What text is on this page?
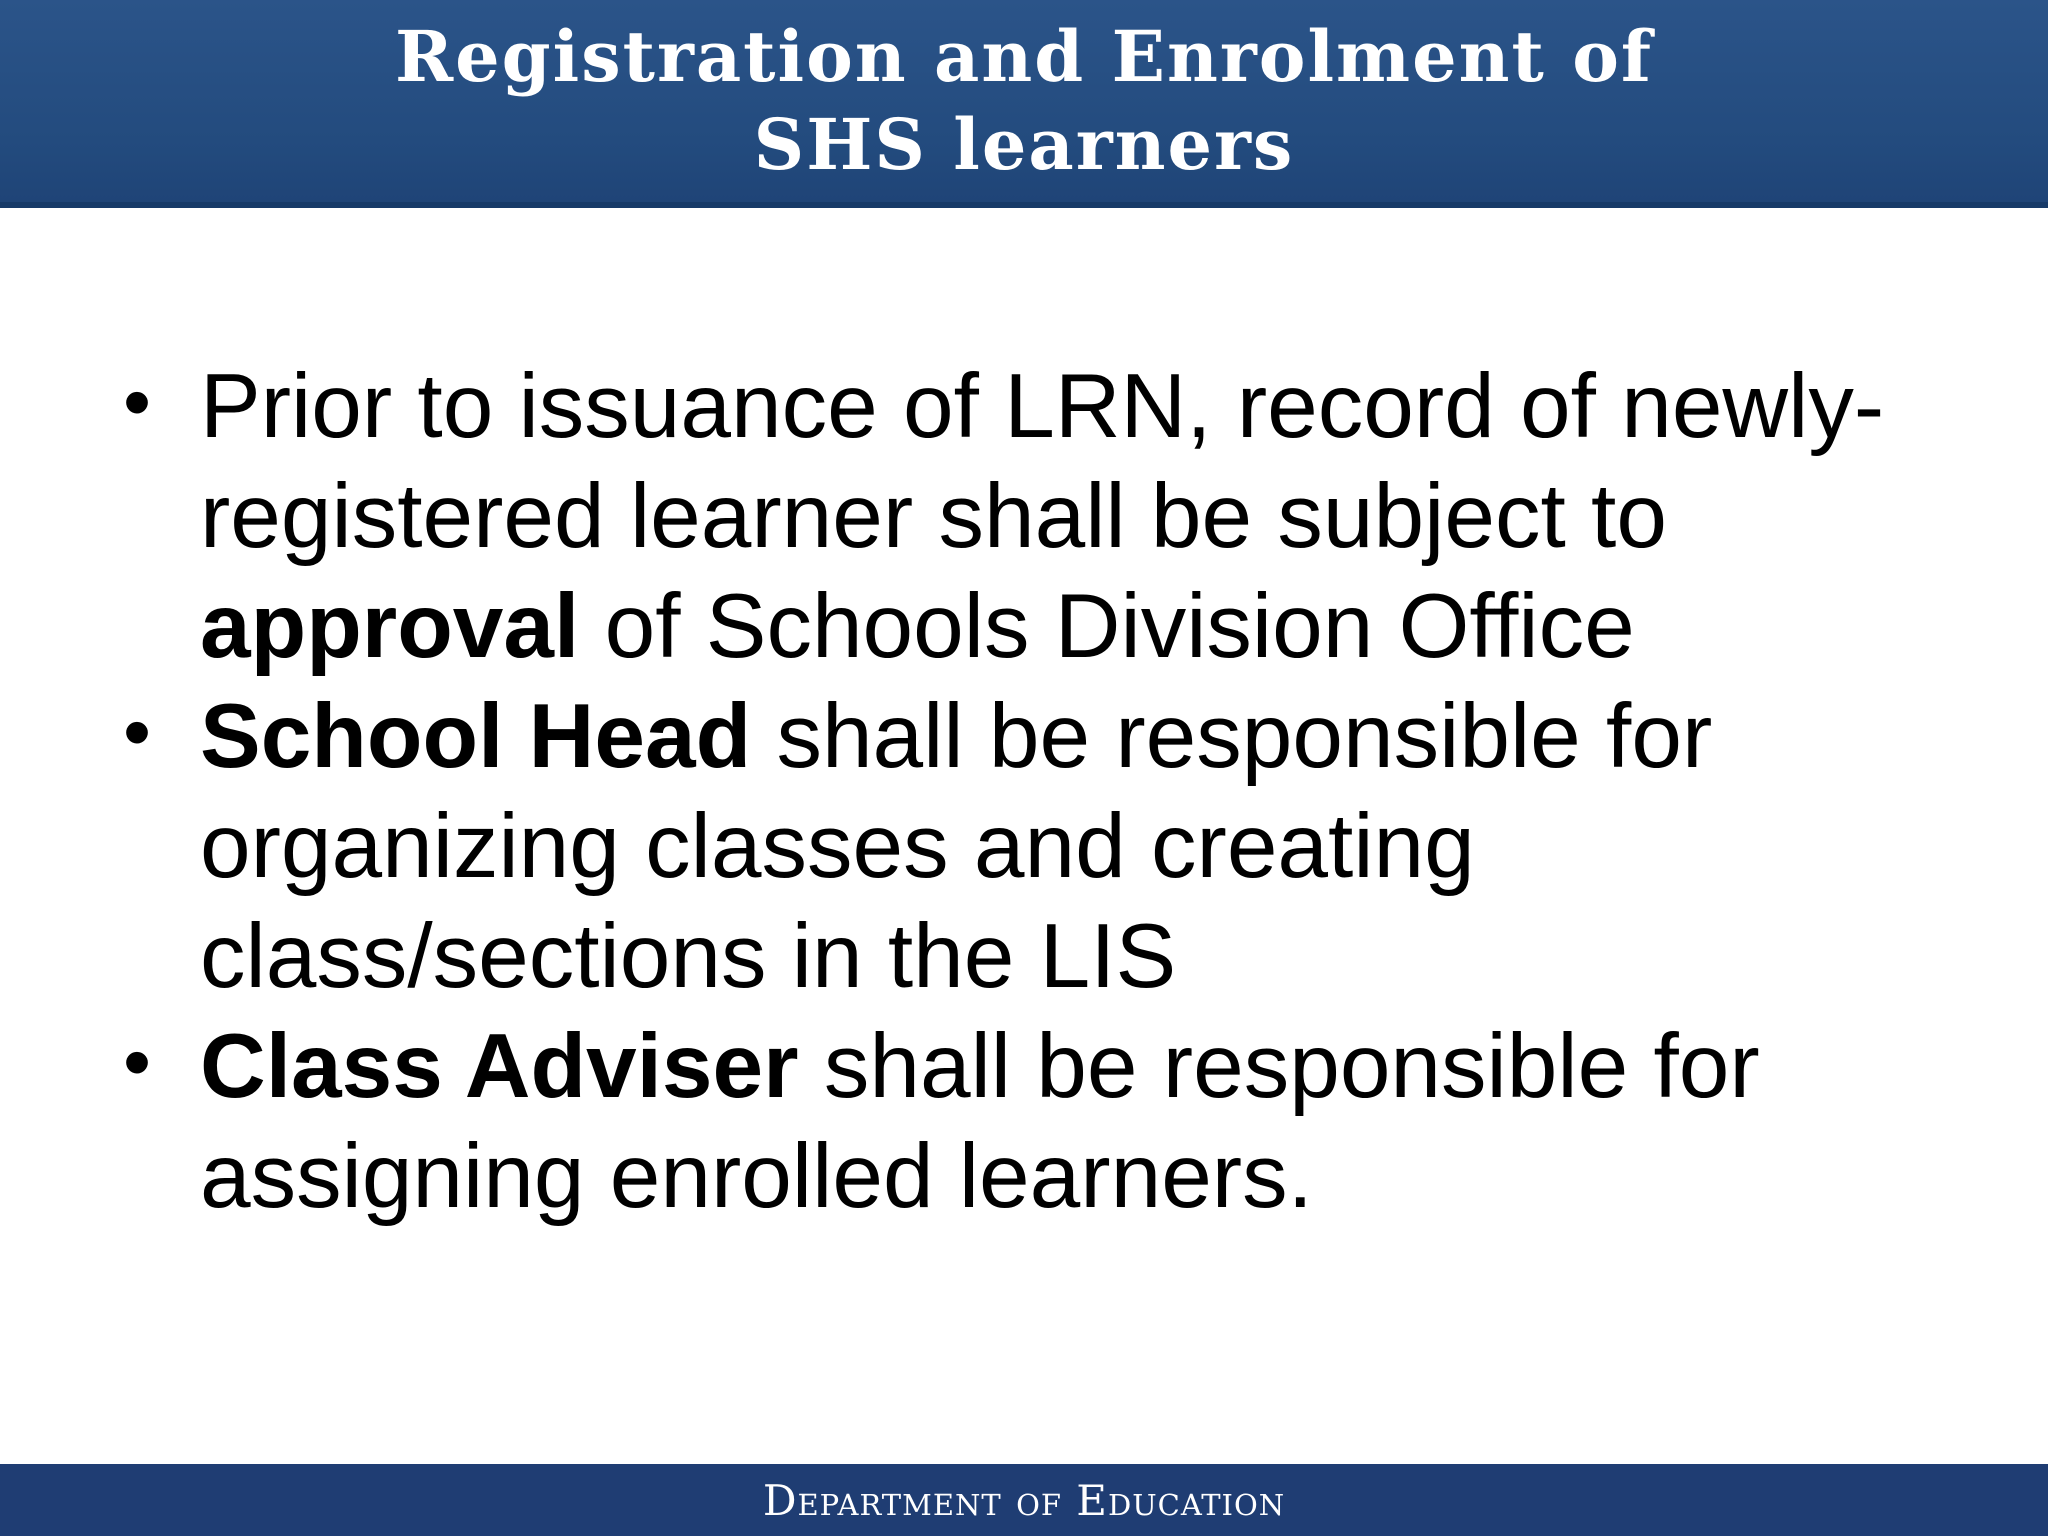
Registration and Enrolment of
SHS learners
• Prior to issuance of LRN, record of newly-
registered learner shall be subject to
approval of Schools Division Office
• School Head shall be responsible for
organizing classes and creating
class/sections in the LIS
• Class Adviser shall be responsible for
assigning enrolled learners.
Department of Education
